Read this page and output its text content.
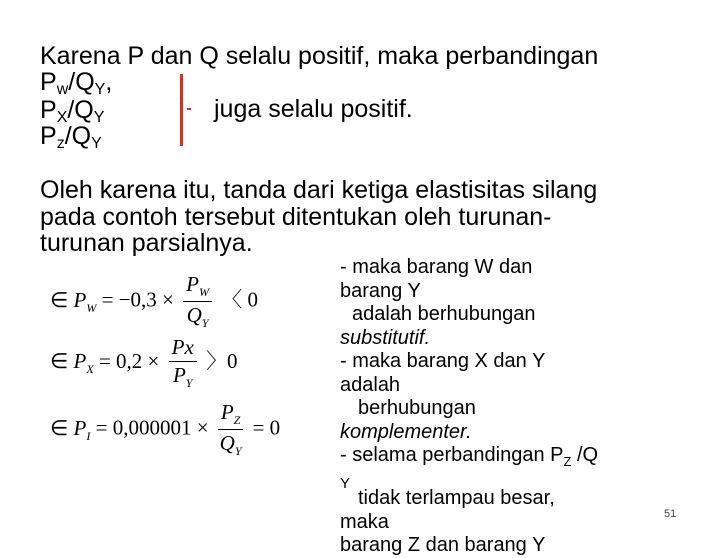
Karena P dan Q selalu positif, maka perbandingan
$P_w/Q_Y$,
$P_X/Q_Y$
$P_z/Q_Y$
juga selalu positif.
Oleh karena itu, tanda dari ketiga elastisitas silang
pada contoh tersebut ditentukan oleh turunan-
turunan parsialnya.
∈ $P_W = -0,3 \times \frac{P_W}{Q_Y}$ 〈 0
∈ $P_X = 0,2 \times \frac{Px}{P_Y}$ 〉0
∈ $P_I = 0,000001 \times \frac{P_Z}{Q_Y} = 0$
- maka barang W dan
barang Y
adalah berhubungan
substitutif.
- maka barang X dan Y
adalah
berhubungan
komplementer.
- selama perbandingan $P_Z$ /Q
Y
tidak terlampau besar,
maka
barang Z dan barang Y
51
